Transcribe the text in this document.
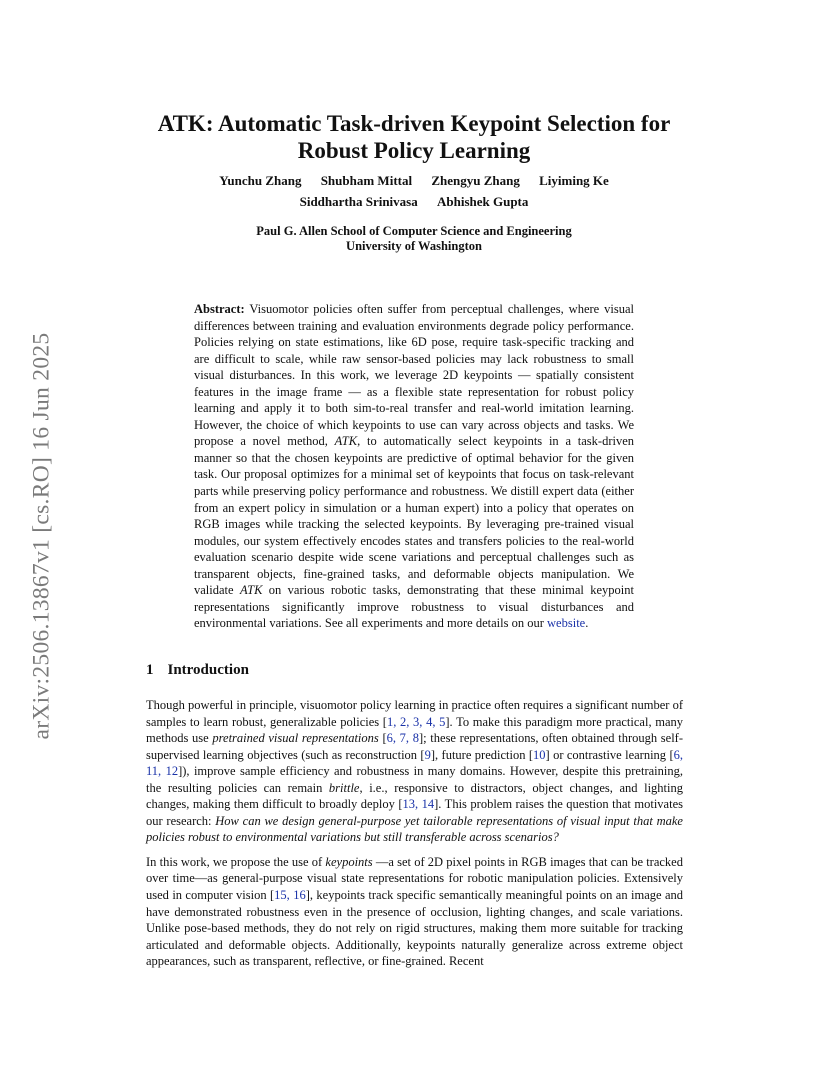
arXiv:2506.13867v1 [cs.RO] 16 Jun 2025
ATK: Automatic Task-driven Keypoint Selection for
Robust Policy Learning
Yunchu Zhang Shubham Mittal Zhengyu Zhang Liyiming Ke
Siddhartha Srinivasa Abhishek Gupta
Paul G. Allen School of Computer Science and Engineering
University of Washington
Abstract: Visuomotor policies often suffer from perceptual challenges, where visual differences between training and evaluation environments degrade policy performance. Policies relying on state estimations, like 6D pose, require task-specific tracking and are difficult to scale, while raw sensor-based policies may lack robustness to small visual disturbances. In this work, we leverage 2D keypoints — spatially consistent features in the image frame — as a flexible state representation for robust policy learning and apply it to both sim-to-real transfer and real-world imitation learning. However, the choice of which keypoints to use can vary across objects and tasks. We propose a novel method, ATK, to automatically select keypoints in a task-driven manner so that the chosen keypoints are predictive of optimal behavior for the given task. Our proposal optimizes for a minimal set of keypoints that focus on task-relevant parts while preserving policy performance and robustness. We distill expert data (either from an expert policy in simulation or a human expert) into a policy that operates on RGB images while tracking the selected keypoints. By leveraging pre-trained visual modules, our system effectively encodes states and transfers policies to the real-world evaluation scenario despite wide scene variations and perceptual challenges such as transparent objects, fine-grained tasks, and deformable objects manipulation. We validate ATK on various robotic tasks, demonstrating that these minimal keypoint representations significantly improve robustness to visual disturbances and environmental variations. See all experiments and more details on our website.
1 Introduction

Though powerful in principle, visuomotor policy learning in practice often requires a significant number of samples to learn robust, generalizable policies [1, 2, 3, 4, 5]. To make this paradigm more practical, many methods use pretrained visual representations [6, 7, 8]; these representations, often obtained through self-supervised learning objectives (such as reconstruction [9], future prediction [10] or contrastive learning [6, 11, 12]), improve sample efficiency and robustness in many domains. However, despite this pretraining, the resulting policies can remain brittle, i.e., responsive to distractors, object changes, and lighting changes, making them difficult to broadly deploy [13, 14]. This problem raises the question that motivates our research: How can we design general-purpose yet tailorable representations of visual input that make policies robust to environmental variations but still transferable across scenarios?

In this work, we propose the use of keypoints —a set of 2D pixel points in RGB images that can be tracked over time—as general-purpose visual state representations for robotic manipulation policies. Extensively used in computer vision [15, 16], keypoints track specific semantically meaningful points on an image and have demonstrated robustness even in the presence of occlusion, lighting changes, and scale variations. Unlike pose-based methods, they do not rely on rigid structures, making them more suitable for tracking articulated and deformable objects. Additionally, keypoints naturally generalize across extreme object appearances, such as transparent, reflective, or fine-grained. Recent
